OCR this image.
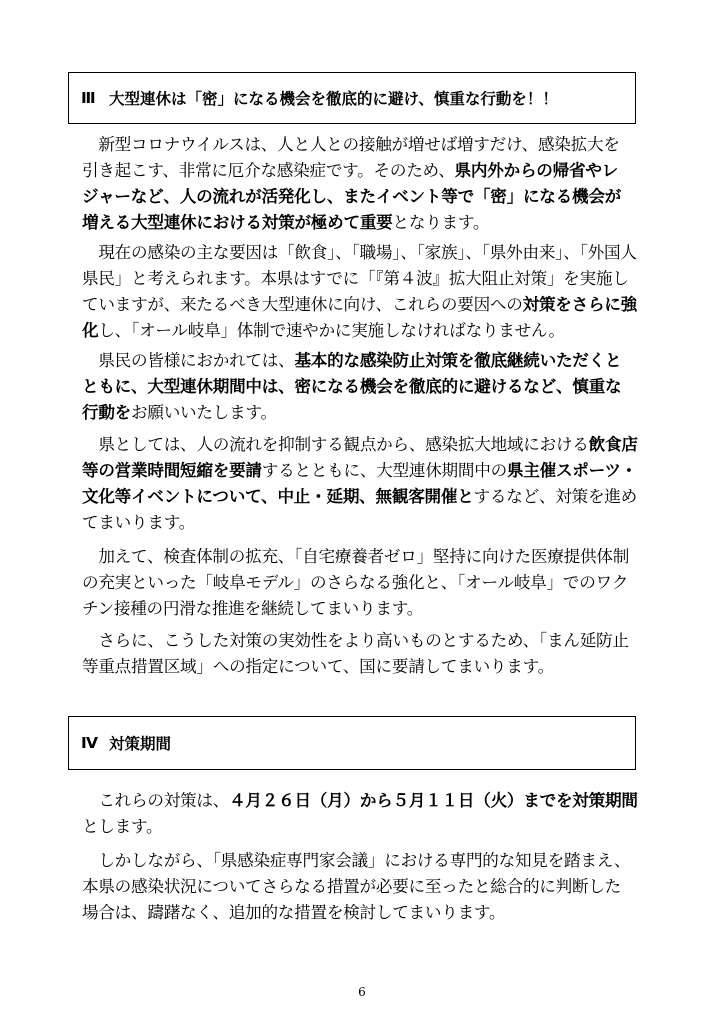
Ⅲ 大型連休は「密」になる機会を徹底的に避け、慎重な行動を！！
　新型コロナウイルスは、人と人との接触が増せば増すだけ、感染拡大を
引き起こす、非常に厄介な感染症です。そのため、県内外からの帰省やレ
ジャーなど、人の流れが活発化し、またイベント等で「密」になる機会が
増える大型連休における対策が極めて重要となります。
　現在の感染の主な要因は「飲食」、「職場」、「家族」、「県外由来」、「外国人
県民」と考えられます。本県はすでに「『第４波』拡大阻止対策」を実施し
ていますが、来たるべき大型連休に向け、これらの要因への対策をさらに強
化し、「オール岐阜」体制で速やかに実施しなければなりません。
　県民の皆様におかれては、基本的な感染防止対策を徹底継続いただくと
ともに、大型連休期間中は、密になる機会を徹底的に避けるなど、慎重な
行動をお願いいたします。
　県としては、人の流れを抑制する観点から、感染拡大地域における飲食店
等の営業時間短縮を要請するとともに、大型連休期間中の県主催スポーツ・
文化等イベントについて、中止・延期、無観客開催とするなど、対策を進め
てまいります。
　加えて、検査体制の拡充、「自宅療養者ゼロ」堅持に向けた医療提供体制
の充実といった「岐阜モデル」のさらなる強化と、「オール岐阜」でのワク
チン接種の円滑な推進を継続してまいります。
　さらに、こうした対策の実効性をより高いものとするため、「まん延防止
等重点措置区域」への指定について、国に要請してまいります。
Ⅳ 対策期間
　これらの対策は、４月２６日（月）から５月１１日（火）までを対策期間
とします。
　しかしながら、「県感染症専門家会議」における専門的な知見を踏まえ、
本県の感染状況についてさらなる措置が必要に至ったと総合的に判断した
場合は、躊躇なく、追加的な措置を検討してまいります。
6
